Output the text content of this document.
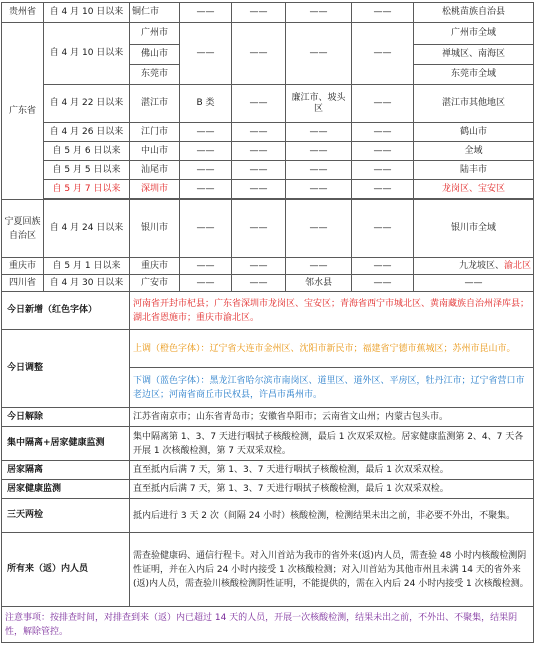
贵州省	自 4 月 10 日以来	铜仁市	——	——	——	——	松桃苗族自治县
广东省	自 4 月 10 日以来	广州市	——	——	——	——	广州市全域
		佛山市					禅城区、南海区
		东莞市					东莞市全域
	自 4 月 22 日以来	湛江市	B 类	——	廉江市、坡头区	——	湛江市其他地区
	自 4 月 26 日以来	江门市	——	——	——	——	鹤山市
	自 5 月 6 日以来	中山市	——	——	——	——	全域
	自 5 月 5 日以来	汕尾市	——	——	——	——	陆丰市
	自 5 月 7 日以来	深圳市	——	——	——	——	龙岗区、宝安区

宁夏回族自治区	自 4 月 24 日以来	银川市	——	——	——	——	银川市全域
重庆市	自 5 月 1 日以来	重庆市	——	——	——	——	九龙坡区、渝北区
四川省	自 4 月 30 日以来	广安市	——	——	邻水县	——	——
今日新增（红色字体）		河南省开封市杞县；广东省深圳市龙岗区、宝安区；青海省西宁市城北区、黄南藏族自治州泽库县；湖北省恩施市；重庆市渝北区。					
今日调整		上调（橙色字体）：辽宁省大连市金州区、沈阳市新民市；福建省宁德市蕉城区；苏州市昆山市。					
		下调（蓝色字体）：黑龙江省哈尔滨市南岗区、道里区、道外区、平房区，牡丹江市；辽宁省营口市老边区；河南省商丘市民权县，许昌市禹州市。					
今日解除		江苏省南京市；山东省青岛市；安徽省阜阳市；云南省文山州；内蒙古包头市。					
集中隔离+居家健康监测		集中隔离第 1、3、7 天进行咽拭子核酸检测，最后 1 次双采双检。居家健康监测第 2、4、7 天各开展 1 次核酸检测，第 7 天双采双检。					
居家隔离		直至抵内后满 7 天，第 1、3、7 天进行咽拭子核酸检测，最后 1 次双采双检。					
居家健康监测		直至抵内后满 7 天，第 1、3、7 天进行咽拭子核酸检测，最后 1 次双采双检。					
三天两检		抵内后进行 3 天 2 次（间隔 24 小时）核酸检测，检测结果未出之前，非必要不外出，不聚集。					
所有来（返）内人员		需查验健康码、通信行程卡。对入川首站为我市的省外来(返)内人员，需查验 48 小时内核酸检测阴性证明，并在入内后 24 小时内接受 1 次核酸检测；对入川首站为其他市州且未满 14 天的省外来(返)内人员，需查验川核酸检测阴性证明，不能提供的，需在入内后 24 小时内接受 1 次核酸检测。					
注意事项：按排查时间，对排查到来（返）内已超过 14 天的人员，开展一次核酸检测，结果未出之前，不外出、不聚集，结果阴性，解除管控。							
